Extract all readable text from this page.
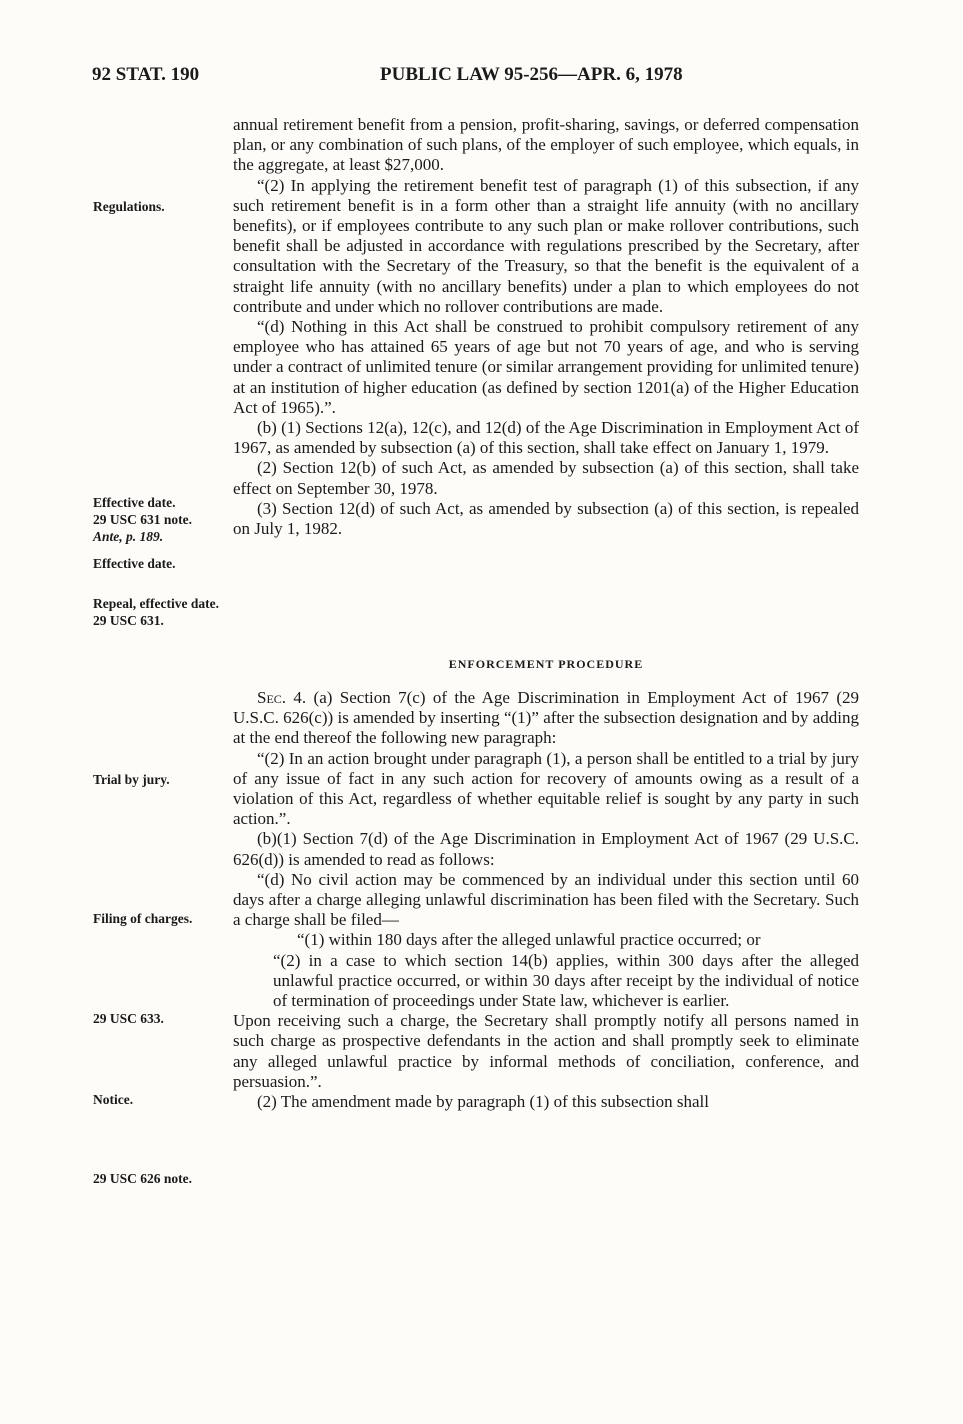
92 STAT. 190	PUBLIC LAW 95-256—APR. 6, 1978
Regulations.
Effective date.
29 USC 631 note.
Ante, p. 189.
Effective date.
Repeal, effective date.
29 USC 631.
Trial by jury.
Filing of charges.
29 USC 633.
Notice.
29 USC 626 note.

annual retirement benefit from a pension, profit-sharing, savings, or deferred compensation plan, or any combination of such plans, of the employer of such employee, which equals, in the aggregate, at least $27,000.

“(2) In applying the retirement benefit test of paragraph (1) of this subsection, if any such retirement benefit is in a form other than a straight life annuity (with no ancillary benefits), or if employees contribute to any such plan or make rollover contributions, such benefit shall be adjusted in accordance with regulations prescribed by the Secretary, after consultation with the Secretary of the Treasury, so that the benefit is the equivalent of a straight life annuity (with no ancillary benefits) under a plan to which employees do not contribute and under which no rollover contributions are made.

“(d) Nothing in this Act shall be construed to prohibit compulsory retirement of any employee who has attained 65 years of age but not 70 years of age, and who is serving under a contract of unlimited tenure (or similar arrangement providing for unlimited tenure) at an institution of higher education (as defined by section 1201(a) of the Higher Education Act of 1965).”.

(b) (1) Sections 12(a), 12(c), and 12(d) of the Age Discrimination in Employment Act of 1967, as amended by subsection (a) of this section, shall take effect on January 1, 1979.

(2) Section 12(b) of such Act, as amended by subsection (a) of this section, shall take effect on September 30, 1978.

(3) Section 12(d) of such Act, as amended by subsection (a) of this section, is repealed on July 1, 1982.

ENFORCEMENT PROCEDURE

Sec. 4. (a) Section 7(c) of the Age Discrimination in Employment Act of 1967 (29 U.S.C. 626(c)) is amended by inserting “(1)” after the subsection designation and by adding at the end thereof the following new paragraph:

“(2) In an action brought under paragraph (1), a person shall be entitled to a trial by jury of any issue of fact in any such action for recovery of amounts owing as a result of a violation of this Act, regardless of whether equitable relief is sought by any party in such action.”.

(b)(1) Section 7(d) of the Age Discrimination in Employment Act of 1967 (29 U.S.C. 626(d)) is amended to read as follows:

“(d) No civil action may be commenced by an individual under this section until 60 days after a charge alleging unlawful discrimination has been filed with the Secretary. Such a charge shall be filed—

“(1) within 180 days after the alleged unlawful practice occurred; or

“(2) in a case to which section 14(b) applies, within 300 days after the alleged unlawful practice occurred, or within 30 days after receipt by the individual of notice of termination of proceedings under State law, whichever is earlier.

Upon receiving such a charge, the Secretary shall promptly notify all persons named in such charge as prospective defendants in the action and shall promptly seek to eliminate any alleged unlawful practice by informal methods of conciliation, conference, and persuasion.”.

(2) The amendment made by paragraph (1) of this subsection shall
